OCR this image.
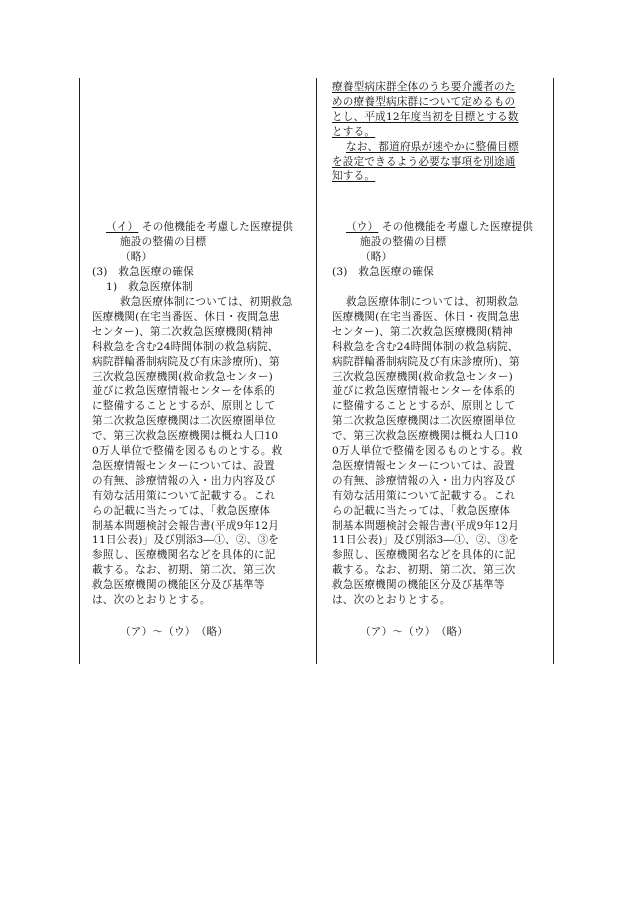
（イ） その他機能を考慮した医療提供
施設の整備の目標
（略）
(3)　救急医療の確保
1)　救急医療体制
救急医療体制については、初期救急
医療機関(在宅当番医、休日・夜間急患
センター)、第二次救急医療機関(精神
科救急を含む24時間体制の救急病院、
病院群輪番制病院及び有床診療所)、第
三次救急医療機関(救命救急センター)
並びに救急医療情報センターを体系的
に整備することとするが、原則として
第二次救急医療機関は二次医療圏単位
で、第三次救急医療機関は概ね人口10
0万人単位で整備を図るものとする。救
急医療情報センターについては、設置
の有無、診療情報の入・出力内容及び
有効な活用策について記載する。これ
らの記載に当たっては、「救急医療体
制基本問題検討会報告書(平成9年12月
11日公表)」及び別添3―①、②、③を
参照し、医療機関名などを具体的に記
載する。なお、初期、第二次、第三次
救急医療機関の機能区分及び基準等
は、次のとおりとする。
（ア）～（ウ）　（略）
療養型病床群全体のうち要介護者のた
めの療養型病床群について定めるもの
とし、平成12年度当初を目標とする数
とする。
なお、都道府県が速やかに整備目標
を設定できるよう必要な事項を別途通
知する。
（ウ） その他機能を考慮した医療提供
施設の整備の目標
（略）
(3)　救急医療の確保
救急医療体制については、初期救急
医療機関(在宅当番医、休日・夜間急患
センター)、第二次救急医療機関(精神
科救急を含む24時間体制の救急病院、
病院群輪番制病院及び有床診療所)、第
三次救急医療機関(救命救急センター)
並びに救急医療情報センターを体系的
に整備することとするが、原則として
第二次救急医療機関は二次医療圏単位
で、第三次救急医療機関は概ね人口10
0万人単位で整備を図るものとする。救
急医療情報センターについては、設置
の有無、診療情報の入・出力内容及び
有効な活用策について記載する。これ
らの記載に当たっては、「救急医療体
制基本問題検討会報告書(平成9年12月
11日公表)」及び別添3―①、②、③を
参照し、医療機関名などを具体的に記
載する。なお、初期、第二次、第三次
救急医療機関の機能区分及び基準等
は、次のとおりとする。
（ア）～（ウ）　（略）
